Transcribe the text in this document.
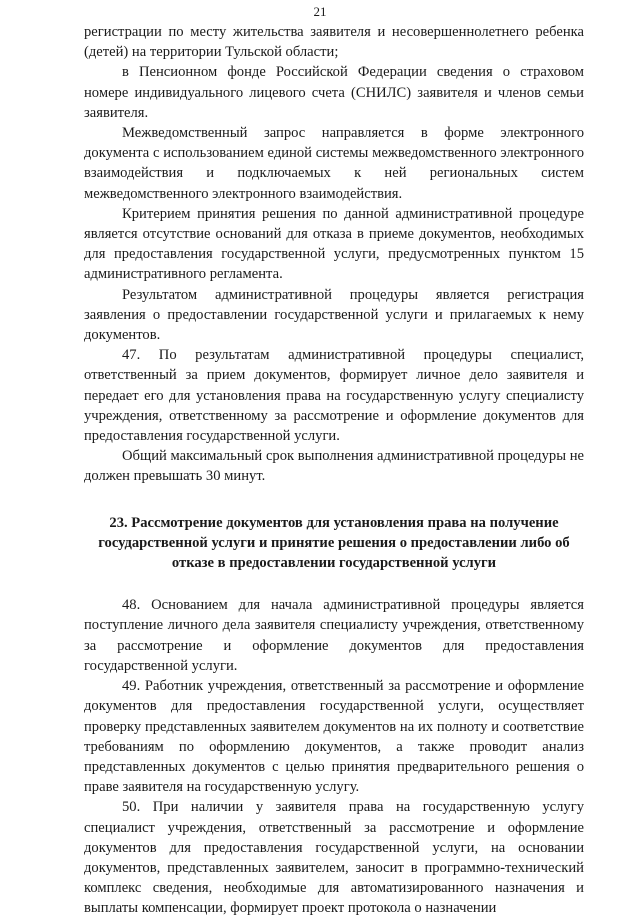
21

регистрации по месту жительства заявителя и несовершеннолетнего ребенка (детей) на территории Тульской области;

в Пенсионном фонде Российской Федерации сведения о страховом номере индивидуального лицевого счета (СНИЛС) заявителя и членов семьи заявителя.

Межведомственный запрос направляется в форме электронного документа с использованием единой системы межведомственного электронного взаимодействия и подключаемых к ней региональных систем межведомственного электронного взаимодействия.

Критерием принятия решения по данной административной процедуре является отсутствие оснований для отказа в приеме документов, необходимых для предоставления государственной услуги, предусмотренных пунктом 15 административного регламента.

Результатом административной процедуры является регистрация заявления о предоставлении государственной услуги и прилагаемых к нему документов.

47. По результатам административной процедуры специалист, ответственный за прием документов, формирует личное дело заявителя и передает его для установления права на государственную услугу специалисту учреждения, ответственному за рассмотрение и оформление документов для предоставления государственной услуги.

Общий максимальный срок выполнения административной процедуры не должен превышать 30 минут.

23. Рассмотрение документов для установления права на получение государственной услуги и принятие решения о предоставлении либо об отказе в предоставлении государственной услуги

48. Основанием для начала административной процедуры является поступление личного дела заявителя специалисту учреждения, ответственному за рассмотрение и оформление документов для предоставления государственной услуги.

49. Работник учреждения, ответственный за рассмотрение и оформление документов для предоставления государственной услуги, осуществляет проверку представленных заявителем документов на их полноту и соответствие требованиям по оформлению документов, а также проводит анализ представленных документов с целью принятия предварительного решения о праве заявителя на государственную услугу.

50. При наличии у заявителя права на государственную услугу специалист учреждения, ответственный за рассмотрение и оформление документов для предоставления государственной услуги, на основании документов, представленных заявителем, заносит в программно-технический комплекс сведения, необходимые для автоматизированного назначения и выплаты компенсации, формирует проект протокола о назначении
